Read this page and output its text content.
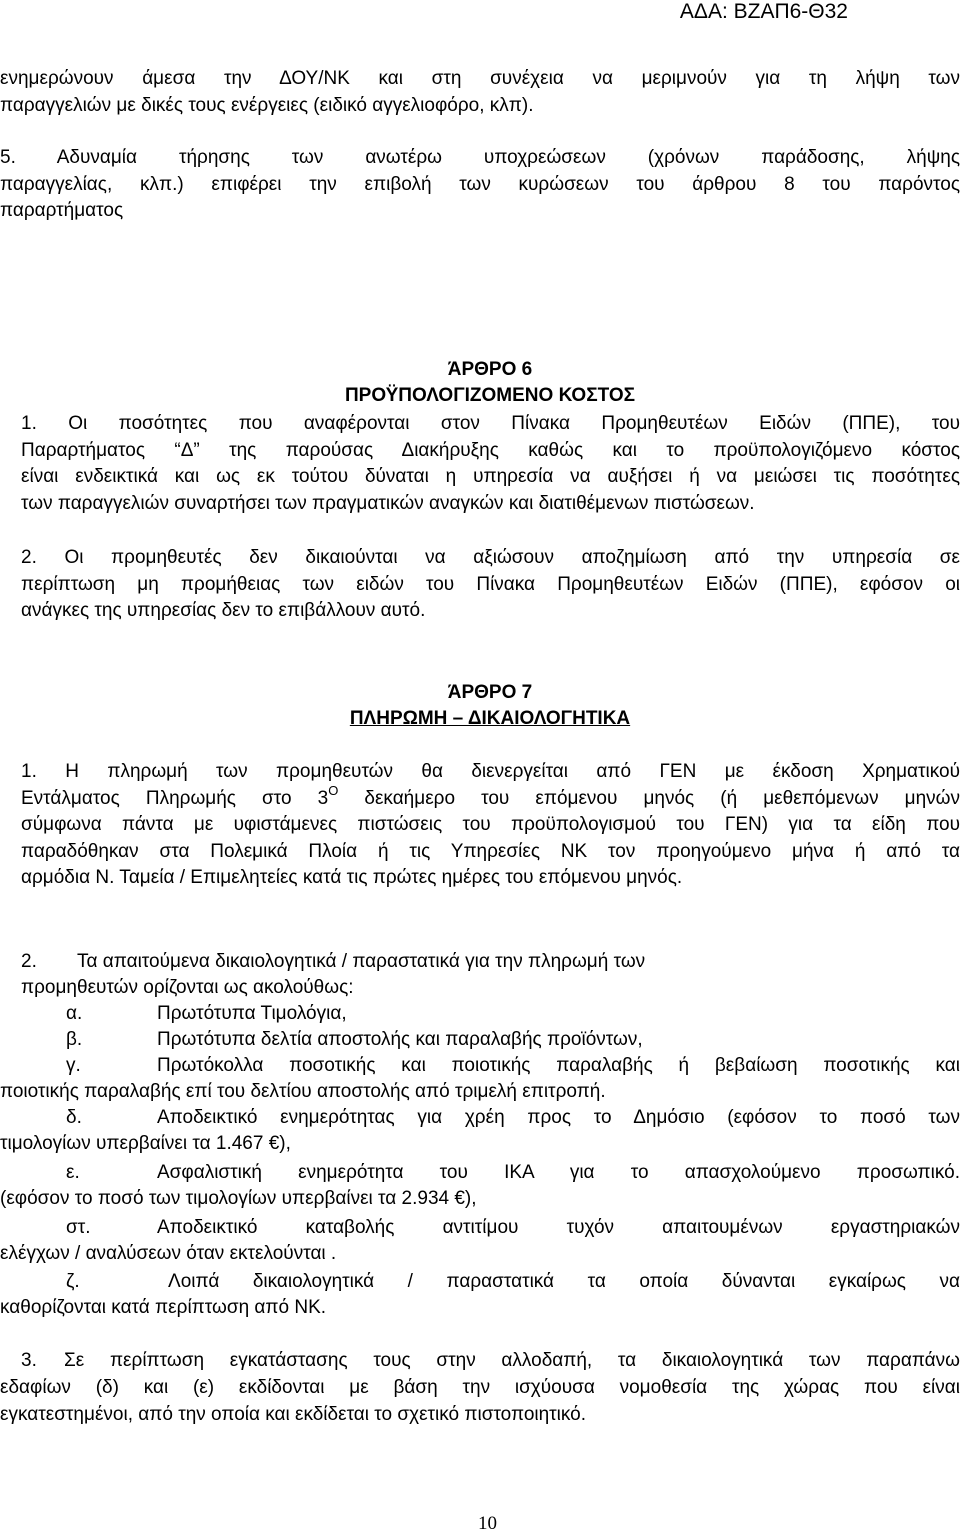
ΑΔΑ: ΒΖΑΠ6-Θ32
ενημερώνουν άμεσα την ΔΟΥ/ΝΚ και στη συνέχεια να μεριμνούν για τη λήψη των
παραγγελιών με δικές τους ενέργειες (ειδικό αγγελιοφόρο, κλπ).
5. Αδυναμία τήρησης των ανωτέρω υποχρεώσεων (χρόνων παράδοσης, λήψης
παραγγελίας, κλπ.) επιφέρει την επιβολή των κυρώσεων του άρθρου 8 του παρόντος
παραρτήματος
ΆΡΘΡΟ 6
ΠΡΟΫΠΟΛΟΓΙΖΟΜΕΝΟ ΚΟΣΤΟΣ
1. Οι ποσότητες που αναφέρονται στον Πίνακα Προμηθευτέων Ειδών (ΠΠΕ), του
Παραρτήματος “Δ” της παρούσας Διακήρυξης καθώς και το προϋπολογιζόμενο κόστος
είναι ενδεικτικά και ως εκ τούτου δύναται η υπηρεσία να αυξήσει ή να μειώσει τις ποσότητες
των παραγγελιών συναρτήσει των πραγματικών αναγκών και διατιθέμενων πιστώσεων.
2. Οι προμηθευτές δεν δικαιούνται να αξιώσουν αποζημίωση από την υπηρεσία σε
περίπτωση μη προμήθειας των ειδών του Πίνακα Προμηθευτέων Ειδών (ΠΠΕ), εφόσον οι
ανάγκες της υπηρεσίας δεν το επιβάλλουν αυτό.
ΆΡΘΡΟ 7
ΠΛΗΡΩΜΗ – ΔΙΚΑΙΟΛΟΓΗΤΙΚΑ
1. Η πληρωμή των προμηθευτών θα διενεργείται από ΓΕΝ με έκδοση Χρηματικού
Εντάλματος Πληρωμής στο $3^O$ δεκαήμερο του επόμενου μηνός (ή μεθεπόμενων μηνών
σύμφωνα πάντα με υφιστάμενες πιστώσεις του προϋπολογισμού του ΓΕΝ) για τα είδη που
παραδόθηκαν στα Πολεμικά Πλοία ή τις Υπηρεσίες ΝΚ τον προηγούμενο μήνα ή από τα
αρμόδια Ν. Ταμεία / Επιμελητείες κατά τις πρώτες ημέρες του επόμενου μηνός.
2. Τα απαιτούμενα δικαιολογητικά / παραστατικά για την πληρωμή των
προμηθευτών ορίζονται ως ακολούθως:
α.	Πρωτότυπα Τιμολόγια,
β.	Πρωτότυπα δελτία αποστολής και παραλαβής προϊόντων,
γ.	Πρωτόκολλα ποσοτικής και ποιοτικής παραλαβής ή βεβαίωση ποσοτικής και
ποιοτικής παραλαβής επί του δελτίου αποστολής από τριμελή επιτροπή.
δ.	Αποδεικτικό ενημερότητας για χρέη προς το Δημόσιο (εφόσον το ποσό των
τιμολογίων υπερβαίνει τα 1.467 €),
ε.	Ασφαλιστική ενημερότητα του ΙΚΑ για το απασχολούμενο προσωπικό.
(εφόσον το ποσό των τιμολογίων υπερβαίνει τα 2.934 €),
στ.	Αποδεικτικό καταβολής αντιτίμου τυχόν απαιτουμένων εργαστηριακών
ελέγχων / αναλύσεων όταν εκτελούνται .
ζ.	Λοιπά δικαιολογητικά / παραστατικά τα οποία δύνανται εγκαίρως να
καθορίζονται κατά περίπτωση από ΝΚ.
3. Σε περίπτωση εγκατάστασης τους στην αλλοδαπή, τα δικαιολογητικά των παραπάνω
εδαφίων (δ) και (ε) εκδίδονται με βάση την ισχύουσα νομοθεσία της χώρας που είναι
εγκατεστημένοι, από την οποία και εκδίδεται το σχετικό πιστοποιητικό.
10
